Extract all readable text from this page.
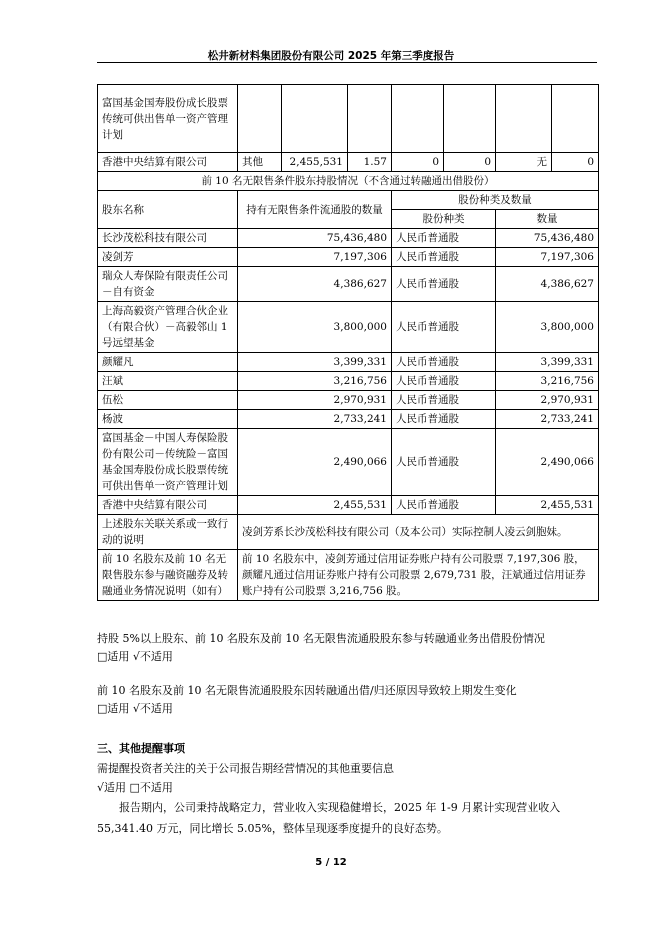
松井新材料集团股份有限公司 2025 年第三季度报告
富国基金国寿股份成长股票传统可供出售单一资产管理计划							
香港中央结算有限公司	其他	2,455,531	1.57	0	0	无	0
前 10 名无限售条件股东持股情况（不含通过转融通出借股份）							
股东名称	持有无限售条件流通股的数量			股份种类及数量			
				股份种类		数量	
长沙茂松科技有限公司	75,436,480			人民币普通股		75,436,480	
凌剑芳	7,197,306			人民币普通股		7,197,306	
瑞众人寿保险有限责任公司－自有资金	4,386,627			人民币普通股		4,386,627	
上海高毅资产管理合伙企业（有限合伙）－高毅邻山 1 号远望基金	3,800,000			人民币普通股		3,800,000	
颜耀凡	3,399,331			人民币普通股		3,399,331	
汪斌	3,216,756			人民币普通股		3,216,756	
伍松	2,970,931			人民币普通股		2,970,931	
杨波	2,733,241			人民币普通股		2,733,241	
富国基金－中国人寿保险股份有限公司－传统险－富国基金国寿股份成长股票传统可供出售单一资产管理计划	2,490,066			人民币普通股		2,490,066	
香港中央结算有限公司	2,455,531			人民币普通股		2,455,531	
上述股东关联关系或一致行动的说明	凌剑芳系长沙茂松科技有限公司（及本公司）实际控制人凌云剑胞妹。						
前 10 名股东及前 10 名无限售股东参与融资融券及转融通业务情况说明（如有）	前 10 名股东中，凌剑芳通过信用证券账户持有公司股票 7,197,306 股，颜耀凡通过信用证券账户持有公司股票 2,679,731 股，汪斌通过信用证券账户持有公司股票 3,216,756 股。						
持股 5%以上股东、前 10 名股东及前 10 名无限售流通股股东参与转融通业务出借股份情况
□适用 √不适用
前 10 名股东及前 10 名无限售流通股股东因转融通出借/归还原因导致较上期发生变化
□适用 √不适用
三、其他提醒事项
需提醒投资者关注的关于公司报告期经营情况的其他重要信息
√适用 □不适用
报告期内，公司秉持战略定力，营业收入实现稳健增长，2025 年 1-9 月累计实现营业收入 55,341.40 万元，同比增长 5.05%，整体呈现逐季度提升的良好态势。
5 / 12
